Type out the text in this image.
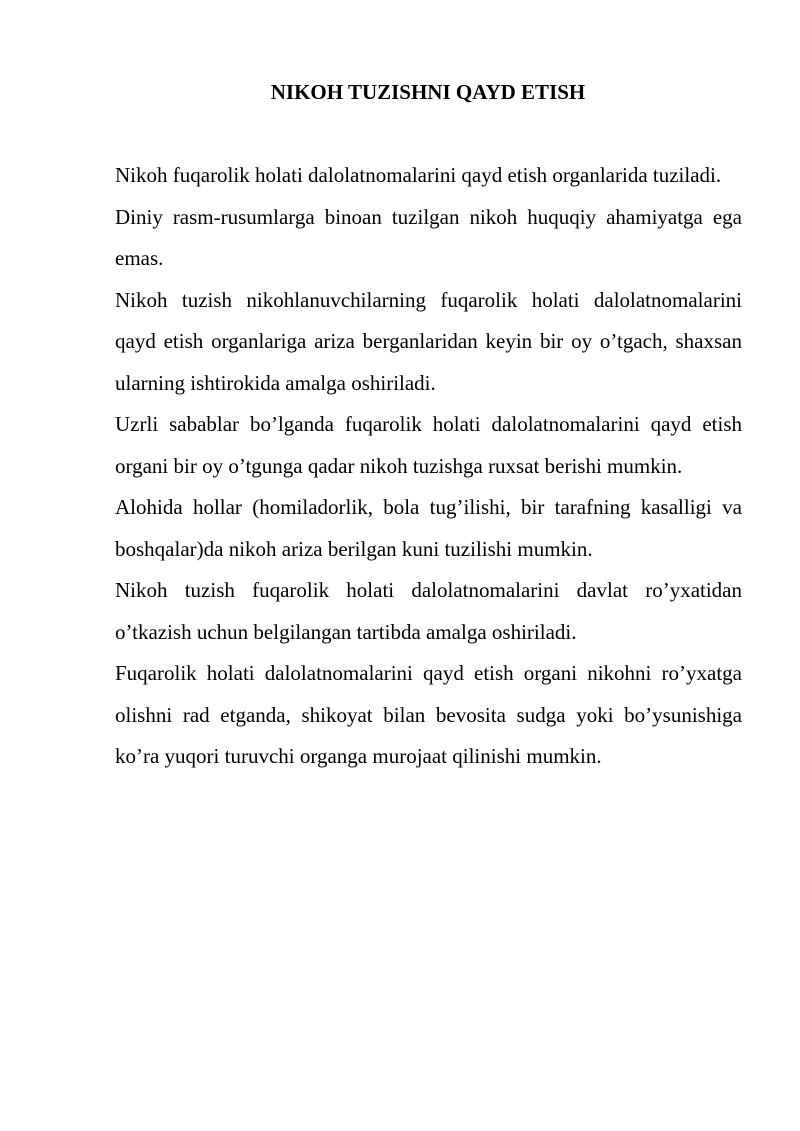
NIKOH TUZISHNI QAYD ETISH

Nikoh fuqarolik holati dalolatnomalarini qayd etish organlarida tuziladi.

Diniy rasm-rusumlarga binoan tuzilgan nikoh huquqiy ahamiyatga ega emas.

Nikoh tuzish nikohlanuvchilarning fuqarolik holati dalolatnomalarini qayd etish organlariga ariza berganlaridan keyin bir oy o’tgach, shaxsan ularning ishtirokida amalga oshiriladi.

Uzrli sabablar bo’lganda fuqarolik holati dalolatnomalarini qayd etish organi bir oy o’tgunga qadar nikoh tuzishga ruxsat berishi mumkin.

Alohida hollar (homiladorlik, bola tug’ilishi, bir tarafning kasalligi va boshqalar)da nikoh ariza berilgan kuni tuzilishi mumkin.

Nikoh tuzish fuqarolik holati dalolatnomalarini davlat ro’yxatidan o’tkazish uchun belgilangan tartibda amalga oshiriladi.

Fuqarolik holati dalolatnomalarini qayd etish organi nikohni ro’yxatga olishni rad etganda, shikoyat bilan bevosita sudga yoki bo’ysunishiga ko’ra yuqori turuvchi organga murojaat qilinishi mumkin.
